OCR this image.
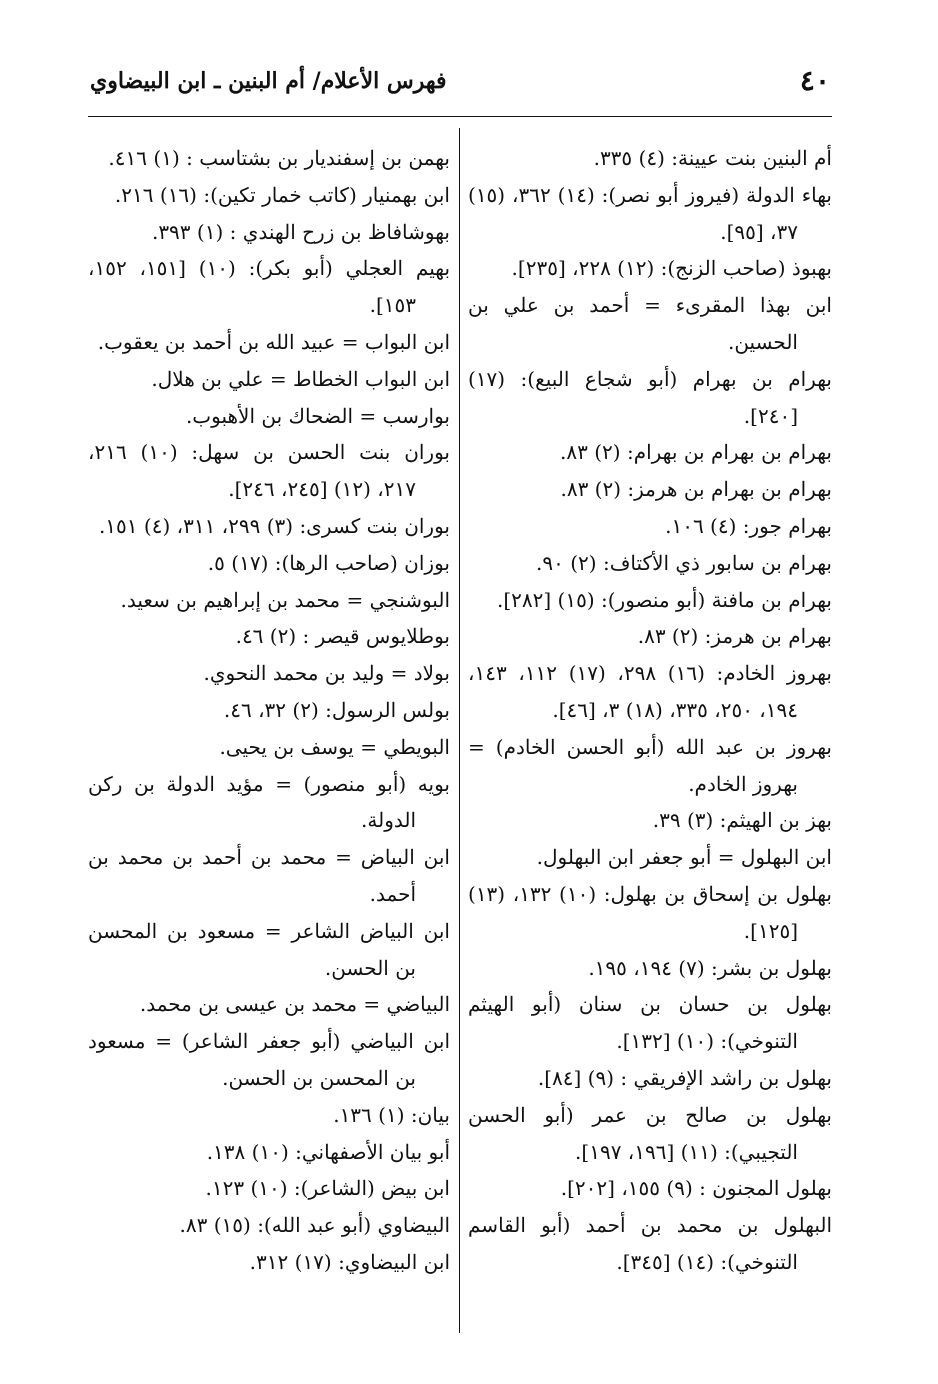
٤٠
فهرس الأعلام/ أم البنين ـ ابن البيضاوي

أم البنين بنت عيينة: (٤) ٣٣٥.

بهاء الدولة (فيروز أبو نصر): (١٤) ٣٦٢، (١٥) ٣٧، [٩٥].

بهبوذ (صاحب الزنج): (١٢) ٢٢٨، [٢٣٥].

ابن بهذا المقرىء = أحمد بن علي بن الحسين.

بهرام بن بهرام (أبو شجاع البيع): (١٧) [٢٤٠].

بهرام بن بهرام بن بهرام: (٢) ٨٣.

بهرام بن بهرام بن هرمز: (٢) ٨٣.

بهرام جور: (٤) ١٠٦.

بهرام بن سابور ذي الأكتاف: (٢) ٩٠.

بهرام بن مافنة (أبو منصور): (١٥) [٢٨٢].

بهرام بن هرمز: (٢) ٨٣.

بهروز الخادم: (١٦) ٢٩٨، (١٧) ١١٢، ١٤٣، ١٩٤، ٢٥٠، ٣٣٥، (١٨) ٣، [٤٦].

بهروز بن عبد الله (أبو الحسن الخادم) = بهروز الخادم.

بهز بن الهيثم: (٣) ٣٩.

ابن البهلول = أبو جعفر ابن البهلول.

بهلول بن إسحاق بن بهلول: (١٠) ١٣٢، (١٣) [١٢٥].

بهلول بن بشر: (٧) ١٩٤، ١٩٥.

بهلول بن حسان بن سنان (أبو الهيثم التنوخي): (١٠) [١٣٢].

بهلول بن راشد الإفريقي : (٩) [٨٤].

بهلول بن صالح بن عمر (أبو الحسن التجيبي): (١١) [١٩٦، ١٩٧].

بهلول المجنون : (٩) ١٥٥، [٢٠٢].

البهلول بن محمد بن أحمد (أبو القاسم التنوخي): (١٤) [٣٤٥].

بهمن بن إسفنديار بن بشتاسب : (١) ٤١٦.

ابن بهمنيار (كاتب خمار تكين): (١٦) ٢١٦.

بهوشافاظ بن زرح الهندي : (١) ٣٩٣.

بهيم العجلي (أبو بكر): (١٠) [١٥١، ١٥٢، ١٥٣].

ابن البواب = عبيد الله بن أحمد بن يعقوب.

ابن البواب الخطاط = علي بن هلال.

بوارسب = الضحاك بن الأهبوب.

بوران بنت الحسن بن سهل: (١٠) ٢١٦، ٢١٧، (١٢) [٢٤٥، ٢٤٦].

بوران بنت كسرى: (٣) ٢٩٩، ٣١١، (٤) ١٥١.

بوزان (صاحب الرها): (١٧) ٥.

البوشنجي = محمد بن إبراهيم بن سعيد.

بوطلايوس قيصر : (٢) ٤٦.

بولاد = وليد بن محمد النحوي.

بولس الرسول: (٢) ٣٢، ٤٦.

البويطي = يوسف بن يحيى.

بويه (أبو منصور) = مؤيد الدولة بن ركن الدولة.

ابن البياض = محمد بن أحمد بن محمد بن أحمد.

ابن البياض الشاعر = مسعود بن المحسن بن الحسن.

البياضي = محمد بن عيسى بن محمد.

ابن البياضي (أبو جعفر الشاعر) = مسعود بن المحسن بن الحسن.

بيان: (١) ١٣٦.

أبو بيان الأصفهاني: (١٠) ١٣٨.

ابن بيض (الشاعر): (١٠) ١٢٣.

البيضاوي (أبو عبد الله): (١٥) ٨٣.

ابن البيضاوي: (١٧) ٣١٢.
